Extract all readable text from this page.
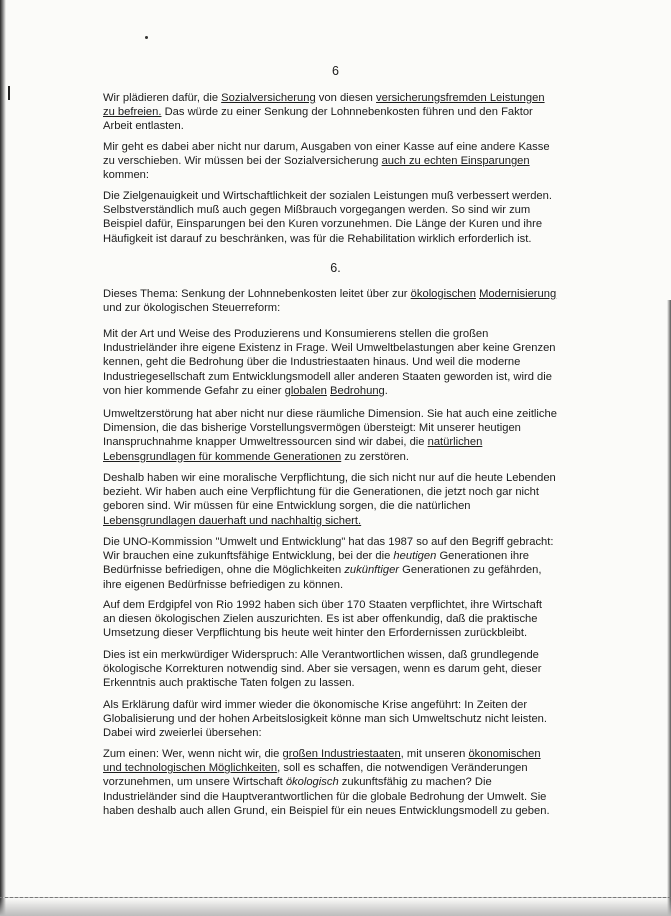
6

Wir plädieren dafür, die Sozialversicherung von diesen versicherungsfremden Leistungen
zu befreien. Das würde zu einer Senkung der Lohnnebenkosten führen und den Faktor
Arbeit entlasten.

Mir geht es dabei aber nicht nur darum, Ausgaben von einer Kasse auf eine andere Kasse
zu verschieben. Wir müssen bei der Sozialversicherung auch zu echten Einsparungen
kommen:

Die Zielgenauigkeit und Wirtschaftlichkeit der sozialen Leistungen muß verbessert werden.
Selbstverständlich muß auch gegen Mißbrauch vorgegangen werden. So sind wir zum
Beispiel dafür, Einsparungen bei den Kuren vorzunehmen. Die Länge der Kuren und ihre
Häufigkeit ist darauf zu beschränken, was für die Rehabilitation wirklich erforderlich ist.

6.

Dieses Thema: Senkung der Lohnnebenkosten leitet über zur ökologischen Modernisierung
und zur ökologischen Steuerreform:

Mit der Art und Weise des Produzierens und Konsumierens stellen die großen
Industrieländer ihre eigene Existenz in Frage. Weil Umweltbelastungen aber keine Grenzen
kennen, geht die Bedrohung über die Industriestaaten hinaus. Und weil die moderne
Industriegesellschaft zum Entwicklungsmodell aller anderen Staaten geworden ist, wird die
von hier kommende Gefahr zu einer globalen Bedrohung.

Umweltzerstörung hat aber nicht nur diese räumliche Dimension. Sie hat auch eine zeitliche
Dimension, die das bisherige Vorstellungsvermögen übersteigt: Mit unserer heutigen
Inanspruchnahme knapper Umweltressourcen sind wir dabei, die natürlichen
Lebensgrundlagen für kommende Generationen zu zerstören.

Deshalb haben wir eine moralische Verpflichtung, die sich nicht nur auf die heute Lebenden
bezieht. Wir haben auch eine Verpflichtung für die Generationen, die jetzt noch gar nicht
geboren sind. Wir müssen für eine Entwicklung sorgen, die die natürlichen
Lebensgrundlagen dauerhaft und nachhaltig sichert.

Die UNO-Kommission "Umwelt und Entwicklung" hat das 1987 so auf den Begriff gebracht:
Wir brauchen eine zukunftsfähige Entwicklung, bei der die heutigen Generationen ihre
Bedürfnisse befriedigen, ohne die Möglichkeiten zukünftiger Generationen zu gefährden,
ihre eigenen Bedürfnisse befriedigen zu können.

Auf dem Erdgipfel von Rio 1992 haben sich über 170 Staaten verpflichtet, ihre Wirtschaft
an diesen ökologischen Zielen auszurichten. Es ist aber offenkundig, daß die praktische
Umsetzung dieser Verpflichtung bis heute weit hinter den Erfordernissen zurückbleibt.

Dies ist ein merkwürdiger Widerspruch: Alle Verantwortlichen wissen, daß grundlegende
ökologische Korrekturen notwendig sind. Aber sie versagen, wenn es darum geht, dieser
Erkenntnis auch praktische Taten folgen zu lassen.

Als Erklärung dafür wird immer wieder die ökonomische Krise angeführt: In Zeiten der
Globalisierung und der hohen Arbeitslosigkeit könne man sich Umweltschutz nicht leisten.
Dabei wird zweierlei übersehen:

Zum einen: Wer, wenn nicht wir, die großen Industriestaaten, mit unseren ökonomischen
und technologischen Möglichkeiten, soll es schaffen, die notwendigen Veränderungen
vorzunehmen, um unsere Wirtschaft ökologisch zukunftsfähig zu machen? Die
Industrieländer sind die Hauptverantwortlichen für die globale Bedrohung der Umwelt. Sie
haben deshalb auch allen Grund, ein Beispiel für ein neues Entwicklungsmodell zu geben.
